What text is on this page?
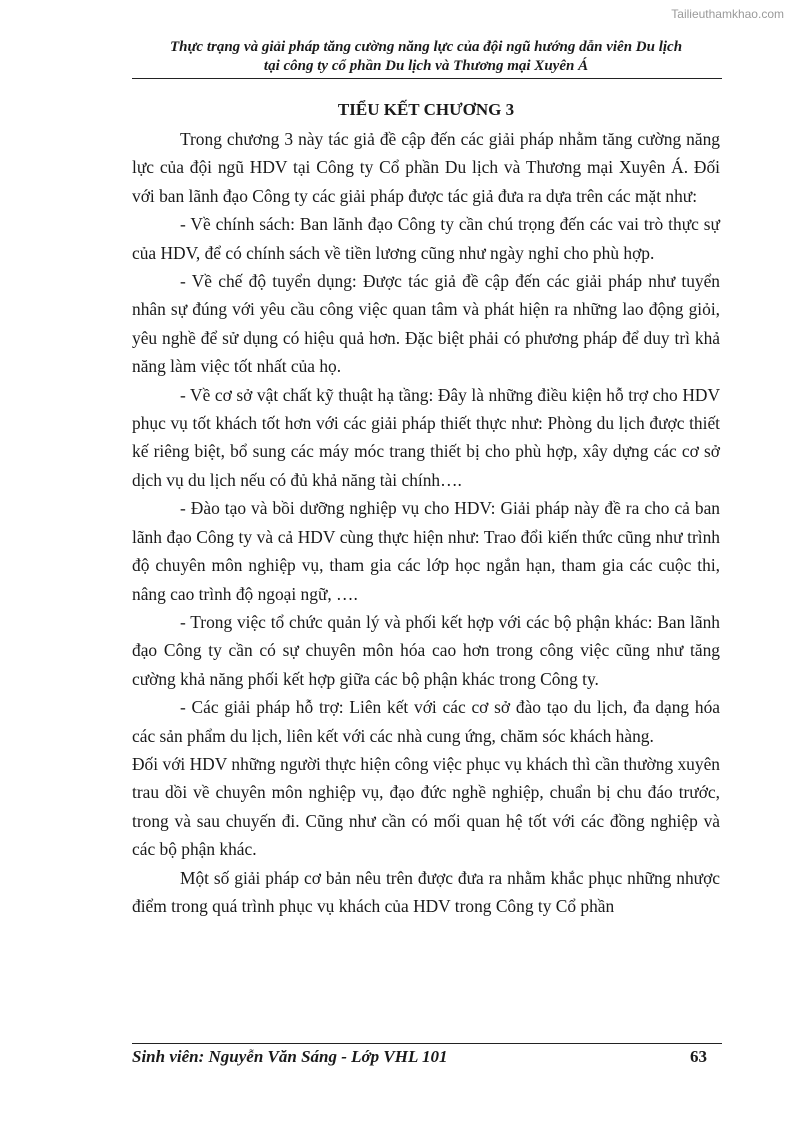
Tailieuthamkhao.com
Thực trạng và giải pháp tăng cường năng lực của đội ngũ hướng dẫn viên Du lịch
tại công ty cổ phần Du lịch và Thương mại Xuyên Á
TIỂU KẾT CHƯƠNG 3

Trong chương 3 này tác giả đề cập đến các giải pháp nhằm tăng cường năng lực của đội ngũ HDV tại Công ty Cổ phần Du lịch và Thương mại Xuyên Á. Đối với ban lãnh đạo Công ty các giải pháp được tác giả đưa ra dựa trên các mặt như:

- Về chính sách: Ban lãnh đạo Công ty cần chú trọng đến các vai trò thực sự của HDV, để có chính sách về tiền lương cũng như ngày nghỉ cho phù hợp.

- Về chế độ tuyển dụng: Được tác giả đề cập đến các giải pháp như tuyển nhân sự đúng với yêu cầu công việc quan tâm và phát hiện ra những lao động giỏi, yêu nghề để sử dụng có hiệu quả hơn. Đặc biệt phải có phương pháp để duy trì khả năng làm việc tốt nhất của họ.

- Về cơ sở vật chất kỹ thuật hạ tầng: Đây là những điều kiện hỗ trợ cho HDV phục vụ tốt khách tốt hơn với các giải pháp thiết thực như: Phòng du lịch được thiết kế riêng biệt, bổ sung các máy móc trang thiết bị cho phù hợp, xây dựng các cơ sở dịch vụ du lịch nếu có đủ khả năng tài chính….

- Đào tạo và bồi dưỡng nghiệp vụ cho HDV: Giải pháp này đề ra cho cả ban lãnh đạo Công ty và cả HDV cùng thực hiện như: Trao đổi kiến thức cũng như trình độ chuyên môn nghiệp vụ, tham gia các lớp học ngắn hạn, tham gia các cuộc thi, nâng cao trình độ ngoại ngữ, ….

- Trong việc tổ chức quản lý và phối kết hợp với các bộ phận khác: Ban lãnh đạo Công ty cần có sự chuyên môn hóa cao hơn trong công việc cũng như tăng cường khả năng phối kết hợp giữa các bộ phận khác trong Công ty.

- Các giải pháp hỗ trợ: Liên kết với các cơ sở đào tạo du lịch, đa dạng hóa các sản phẩm du lịch, liên kết với các nhà cung ứng, chăm sóc khách hàng.

Đối với HDV những người thực hiện công việc phục vụ khách thì cần thường xuyên trau dồi về chuyên môn nghiệp vụ, đạo đức nghề nghiệp, chuẩn bị chu đáo trước, trong và sau chuyến đi. Cũng như cần có mối quan hệ tốt với các đồng nghiệp và các bộ phận khác.

Một số giải pháp cơ bản nêu trên được đưa ra nhằm khắc phục những nhược điểm trong quá trình phục vụ khách của HDV trong Công ty Cổ phần

Sinh viên: Nguyễn Văn Sáng - Lớp VHL 101	63
